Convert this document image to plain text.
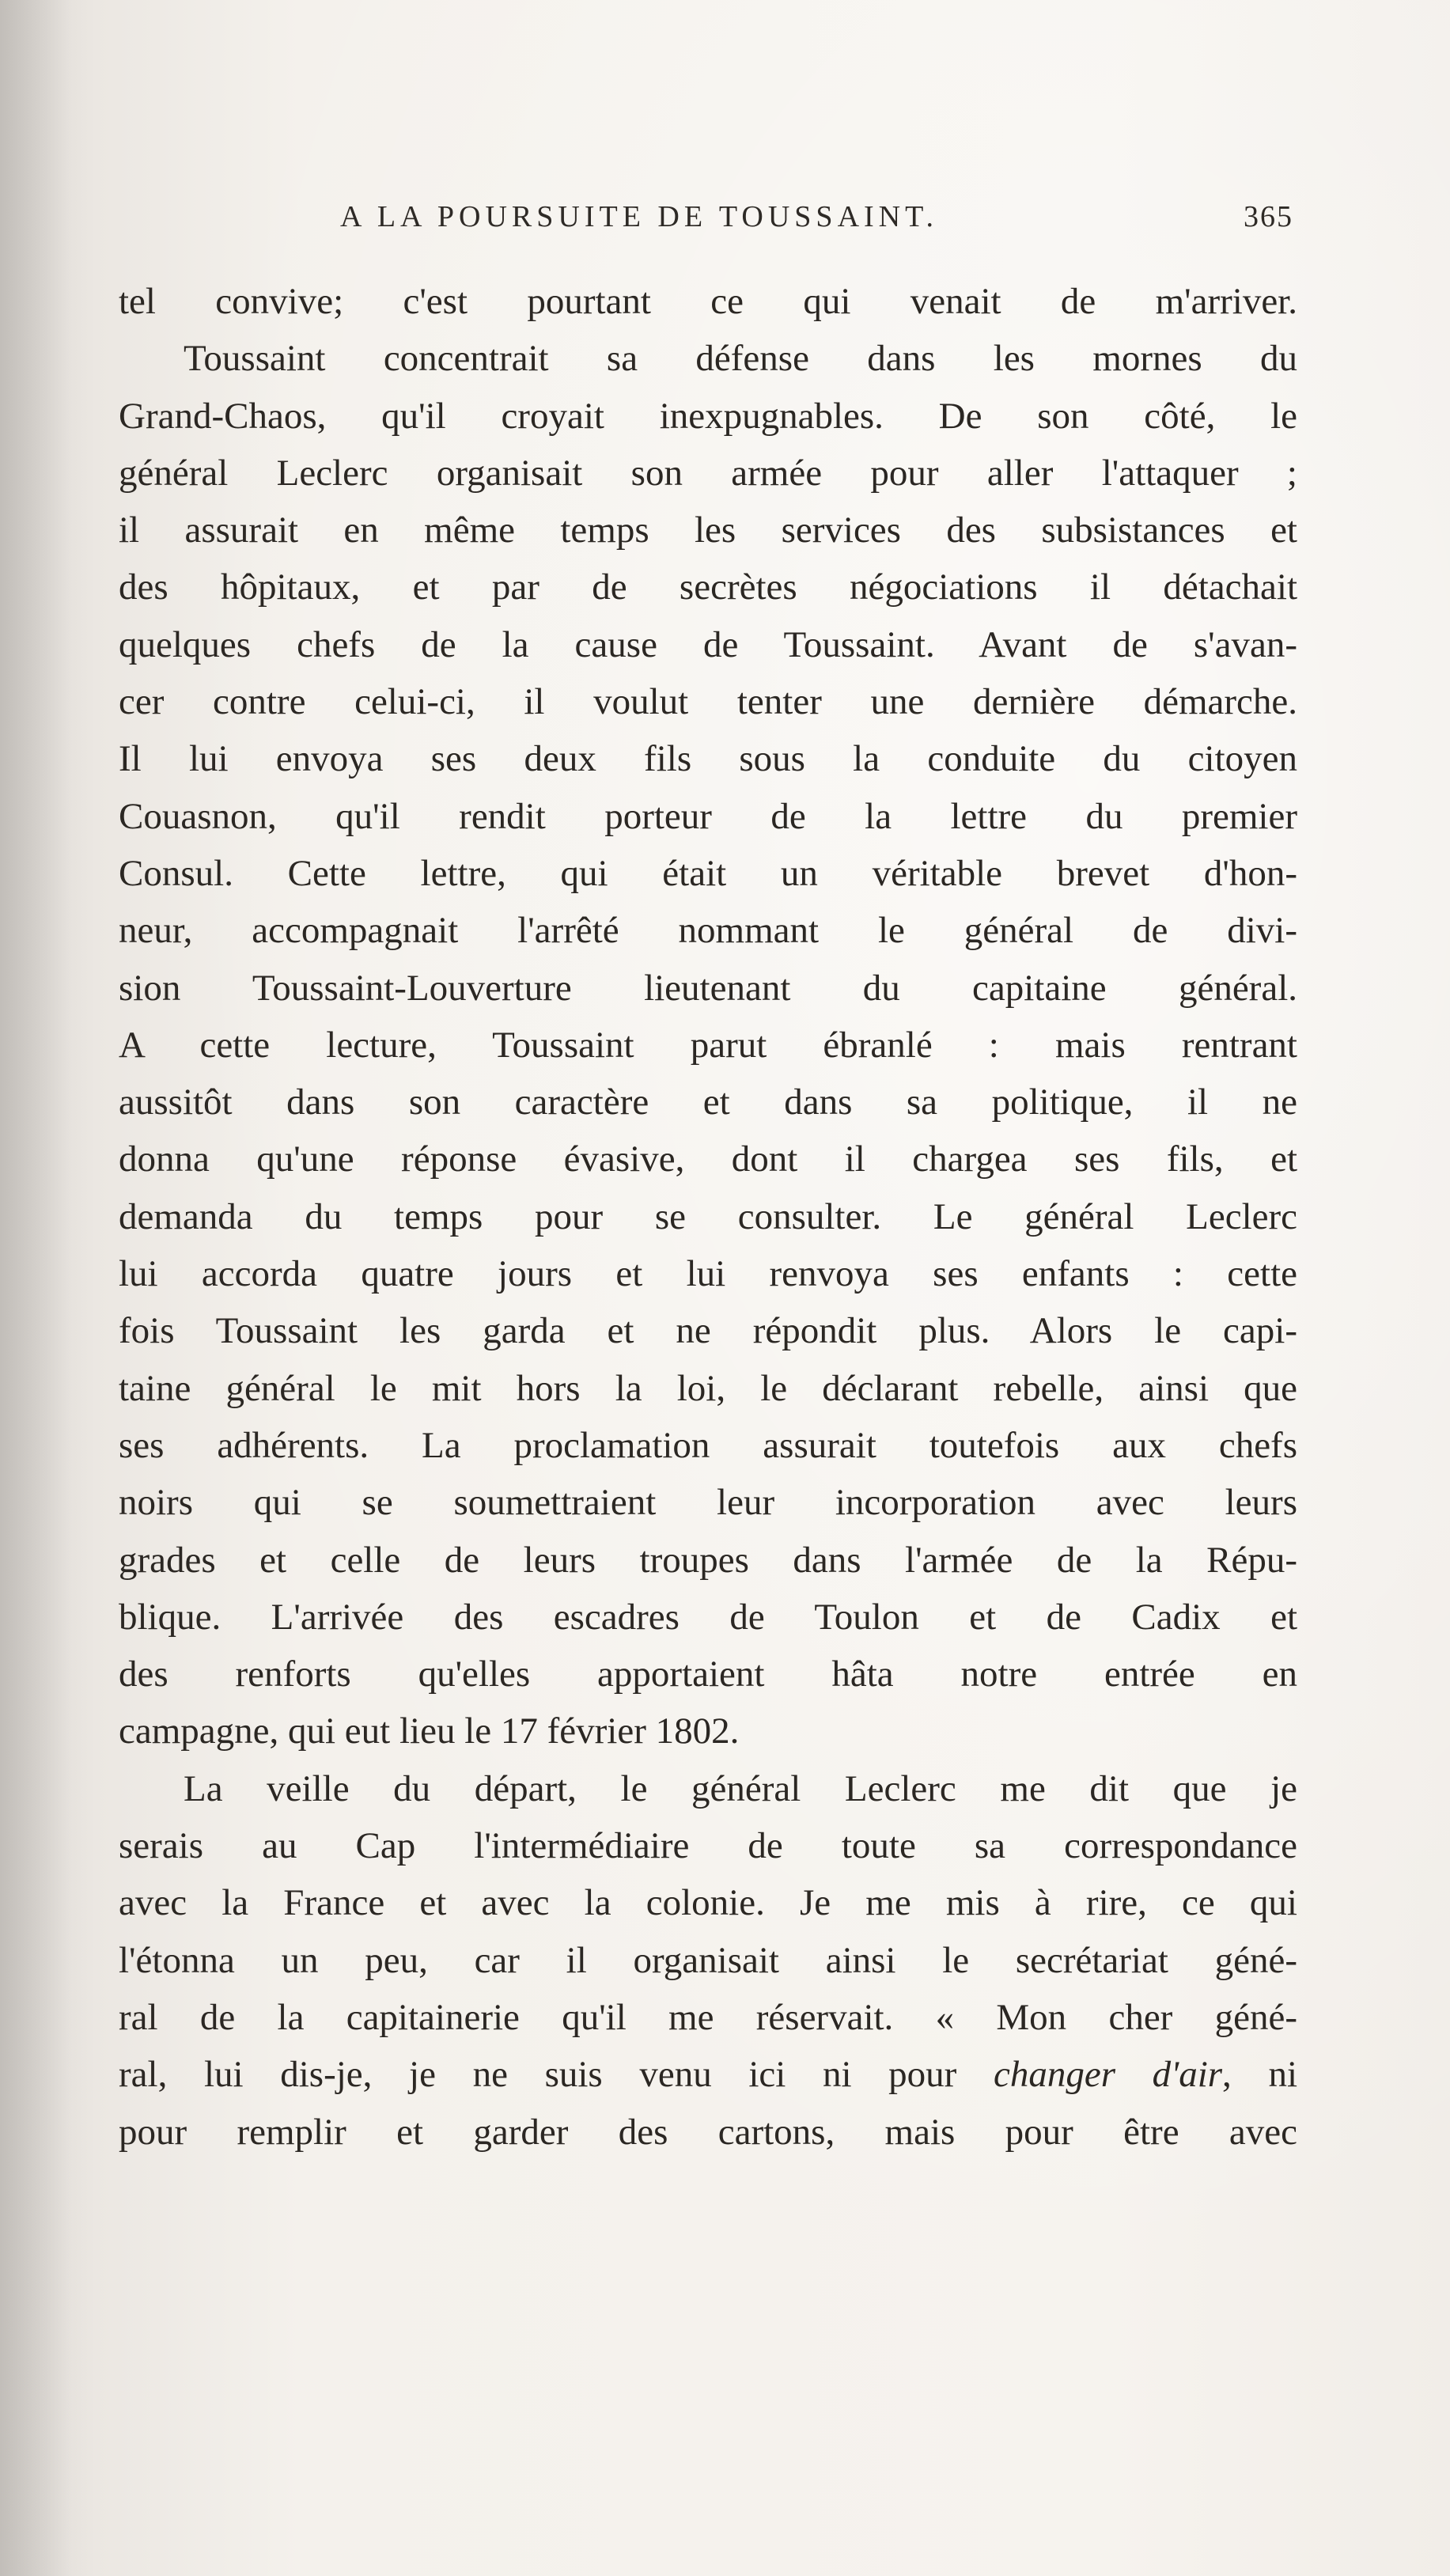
A LA POURSUITE DE TOUSSAINT.	365
tel convive; c'est pourtant ce qui venait de m'arriver.
Toussaint concentrait sa défense dans les mornes du
Grand-Chaos, qu'il croyait inexpugnables. De son côté, le
général Leclerc organisait son armée pour aller l'attaquer ;
il assurait en même temps les services des subsistances et
des hôpitaux, et par de secrètes négociations il détachait
quelques chefs de la cause de Toussaint. Avant de s'avan-
cer contre celui-ci, il voulut tenter une dernière démarche.
Il lui envoya ses deux fils sous la conduite du citoyen
Couasnon, qu'il rendit porteur de la lettre du premier
Consul. Cette lettre, qui était un véritable brevet d'hon-
neur, accompagnait l'arrêté nommant le général de divi-
sion Toussaint-Louverture lieutenant du capitaine général.
A cette lecture, Toussaint parut ébranlé : mais rentrant
aussitôt dans son caractère et dans sa politique, il ne
donna qu'une réponse évasive, dont il chargea ses fils, et
demanda du temps pour se consulter. Le général Leclerc
lui accorda quatre jours et lui renvoya ses enfants : cette
fois Toussaint les garda et ne répondit plus. Alors le capi-
taine général le mit hors la loi, le déclarant rebelle, ainsi que
ses adhérents. La proclamation assurait toutefois aux chefs
noirs qui se soumettraient leur incorporation avec leurs
grades et celle de leurs troupes dans l'armée de la Répu-
blique. L'arrivée des escadres de Toulon et de Cadix et
des renforts qu'elles apportaient hâta notre entrée en
campagne, qui eut lieu le 17 février 1802.
La veille du départ, le général Leclerc me dit que je
serais au Cap l'intermédiaire de toute sa correspondance
avec la France et avec la colonie. Je me mis à rire, ce qui
l'étonna un peu, car il organisait ainsi le secrétariat géné-
ral de la capitainerie qu'il me réservait. « Mon cher géné-
ral, lui dis-je, je ne suis venu ici ni pour changer d'air, ni
pour remplir et garder des cartons, mais pour être avec
